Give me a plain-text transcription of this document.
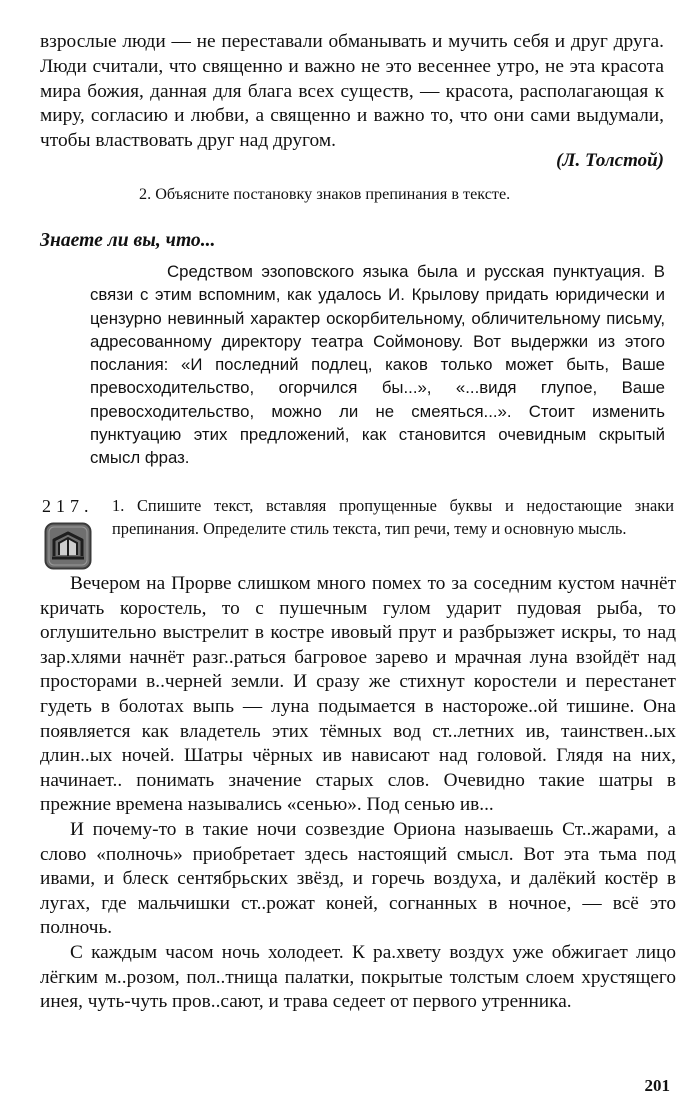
взрослые люди — не переставали обманывать и мучить себя и друг друга. Люди считали, что священно и важно не это весеннее утро, не эта красота мира божия, данная для блага всех существ, — красота, располагающая к миру, согласию и любви, а священно и важно то, что они сами выдумали, чтобы властвовать друг над другом.
(Л. Толстой)
2. Объясните постановку знаков препинания в тексте.
Знаете ли вы, что...
Средством эзоповского языка была и русская пунктуация. В связи с этим вспомним, как удалось И. Крылову придать юридически и цензурно невинный характер оскорбительному, обличительному письму, адресованному директору театра Соймонову. Вот выдержки из этого послания: «И последний подлец, каков только может быть, Ваше превосходительство, огорчился бы...», «...видя глупое, Ваше превосходительство, можно ли не смеяться...». Стоит изменить пунктуацию этих предложений, как становится очевидным скрытый смысл фраз.
217. 1. Спишите текст, вставляя пропущенные буквы и недостающие знаки препинания. Определите стиль текста, тип речи, тему и основную мысль.

Вечером на Прорве слишком много помех то за соседним кустом начнёт кричать коростель, то с пушечным гулом ударит пудовая рыба, то оглушительно выстрелит в костре ивовый прут и разбрызжет искры, то над зар.хлями начнёт разг..раться багровое зарево и мрачная луна взойдёт над просторами в..черней земли. И сразу же стихнут коростели и перестанет гудеть в болотах выпь — луна подымается в настороже..ой тишине. Она появляется как владетель этих тёмных вод ст..летних ив, таинствен..ых длин..ых ночей. Шатры чёрных ив нависают над головой. Глядя на них, начинает.. понимать значение старых слов. Очевидно такие шатры в прежние времена назывались «сенью». Под сенью ив...

И почему-то в такие ночи созвездие Ориона называешь Ст..жарами, а слово «полночь» приобретает здесь настоящий смысл. Вот эта тьма под ивами, и блеск сентябрьских звёзд, и горечь воздуха, и далёкий костёр в лугах, где мальчишки ст..рожат коней, согнанных в ночное, — всё это полночь.

С каждым часом ночь холодеет. К ра.хвету воздух уже обжигает лицо лёгким м..розом, пол..тнища палатки, покрытые толстым слоем хрустящего инея, чуть-чуть пров..сают, и трава седеет от первого утренника.

201
